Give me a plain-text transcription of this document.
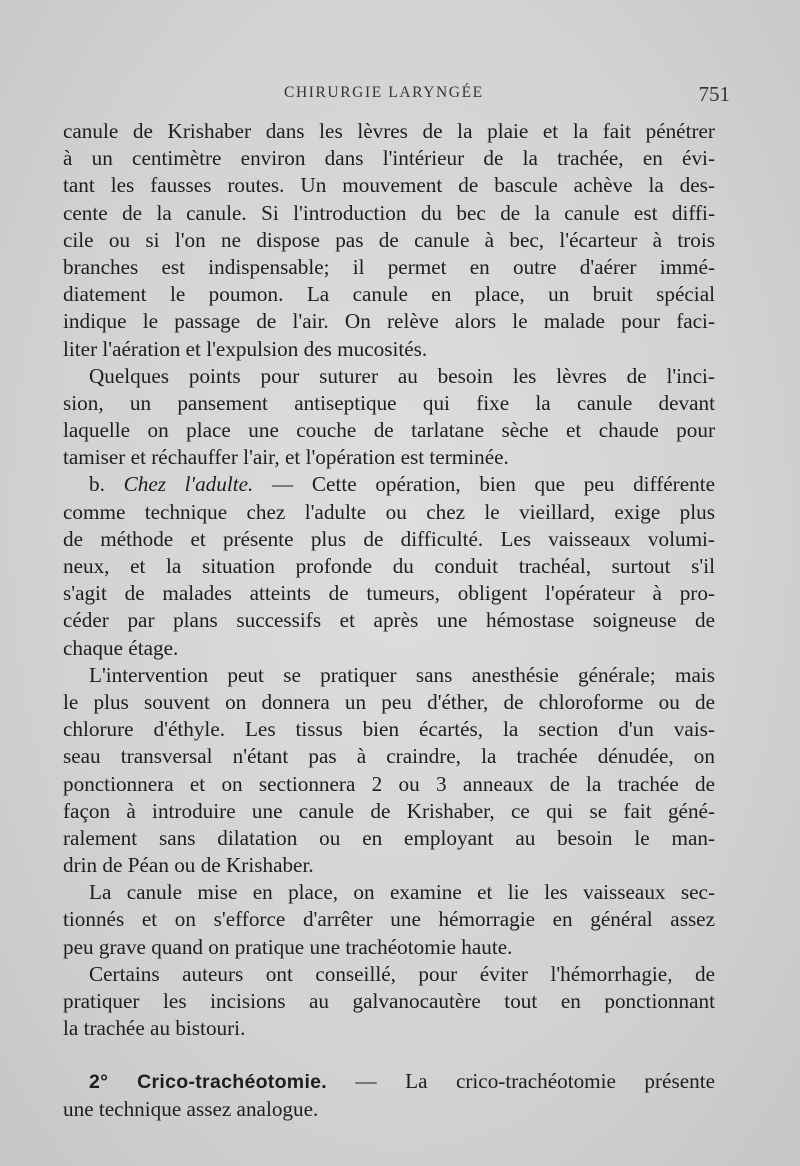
CHIRURGIE LARYNGÉE	751
canule de Krishaber dans les lèvres de la plaie et la fait pénétrer
à un centimètre environ dans l'intérieur de la trachée, en évi-
tant les fausses routes. Un mouvement de bascule achève la des-
cente de la canule. Si l'introduction du bec de la canule est diffi-
cile ou si l'on ne dispose pas de canule à bec, l'écarteur à trois
branches est indispensable; il permet en outre d'aérer immé-
diatement le poumon. La canule en place, un bruit spécial
indique le passage de l'air. On relève alors le malade pour faci-
liter l'aération et l'expulsion des mucosités.
Quelques points pour suturer au besoin les lèvres de l'inci-
sion, un pansement antiseptique qui fixe la canule devant
laquelle on place une couche de tarlatane sèche et chaude pour
tamiser et réchauffer l'air, et l'opération est terminée.
b. Chez l'adulte. — Cette opération, bien que peu différente
comme technique chez l'adulte ou chez le vieillard, exige plus
de méthode et présente plus de difficulté. Les vaisseaux volumi-
neux, et la situation profonde du conduit trachéal, surtout s'il
s'agit de malades atteints de tumeurs, obligent l'opérateur à pro-
céder par plans successifs et après une hémostase soigneuse de
chaque étage.
L'intervention peut se pratiquer sans anesthésie générale; mais
le plus souvent on donnera un peu d'éther, de chloroforme ou de
chlorure d'éthyle. Les tissus bien écartés, la section d'un vais-
seau transversal n'étant pas à craindre, la trachée dénudée, on
ponctionnera et on sectionnera 2 ou 3 anneaux de la trachée de
façon à introduire une canule de Krishaber, ce qui se fait géné-
ralement sans dilatation ou en employant au besoin le man-
drin de Péan ou de Krishaber.
La canule mise en place, on examine et lie les vaisseaux sec-
tionnés et on s'efforce d'arrêter une hémorragie en général assez
peu grave quand on pratique une trachéotomie haute.
Certains auteurs ont conseillé, pour éviter l'hémorrhagie, de
pratiquer les incisions au galvanocautère tout en ponctionnant
la trachée au bistouri.
2° Crico-trachéotomie. — La crico-trachéotomie présente
une technique assez analogue.
